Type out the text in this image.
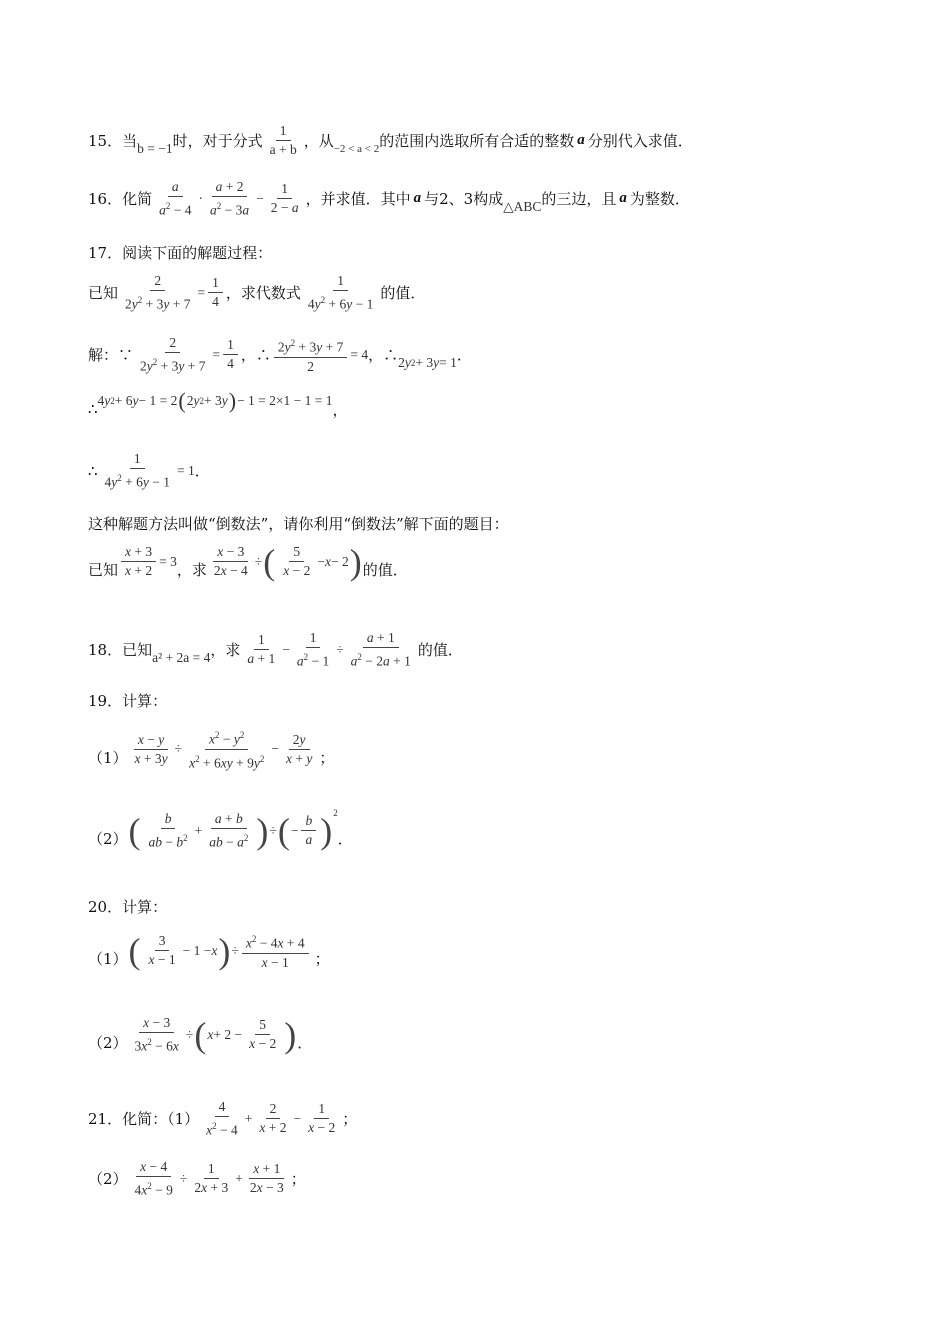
15．当 b = −1 时，对于分式 $\frac{1}{a + b}$ ，从 −2 < a < 2 的范围内选取所有合适的整数 a 分别代入求值．
16．化简 $\frac{a}{a^2 - 4} \cdot \frac{a + 2}{a^2 - 3a} - \frac{1}{2 - a}$ ，并求值．其中 a 与2、3构成 △ABC 的三边，且 a 为整数．
17．阅读下面的解题过程：
已知 $\frac{2}{2y^2 + 3y + 7} = \frac{1}{4}$ ，求代数式 $\frac{1}{4y^2 + 6y - 1}$ 的值．
解：∵ $\frac{2}{2y^2 + 3y + 7} = \frac{1}{4}$ ，∴ $\frac{2y^2 + 3y + 7}{2} = 4$ ，∴ 2 y 2 + 3 y = 1 ．
∴ 4 y 2 + 6 y − 1 = 2 ( 2 y 2 + 3 y ) − 1 = 2×1 − 1 = 1 ，
∴ $\frac{1}{4y^2 + 6y - 1} = 1$ ．
这种解题方法叫做“倒数法”，请你利用“倒数法”解下面的题目：
已知 $\frac{x + 3}{x + 2} = 3$ ，求 $\frac{x - 3}{2x - 4}$ ÷ ( $\frac{5}{x - 2} - x - 2$ ) 的值．
18．已知 a² + 2a = 4 ，求 $\frac{1}{a + 1} - \frac{1}{a^2 - 1} \div \frac{a + 1}{a^2 - 2a + 1}$ 的值．
19．计算：
$(1) \frac{x - y}{x + 3y} \div \frac{x^2 - y^2}{x^2 + 6xy + 9y^2} - \frac{2y}{x + y}$ ；
（2） ( $\frac{b}{ab - b^2} + \frac{a + b}{ab - a^2}$ ) ÷ ( − $\frac{b}{a} )^2$
．
20．计算：
（1） ( $\frac{3}{x - 1} - 1 - x$ ) ÷ $\frac{x^2 - 4x + 4}{x - 1}$ ；
$(2) \frac{x - 3}{3x^2 - 6x}$ ÷ ( $x + 2 - \frac{5}{x - 2}$ ) ．
21．化简：$(1) \frac{4}{x^2 - 4} + \frac{2}{x + 2} - \frac{1}{x - 2}$ ；
$(2) \frac{x - 4}{4x^2 - 9} \div \frac{1}{2x + 3} + \frac{x + 1}{2x - 3}$ ；
